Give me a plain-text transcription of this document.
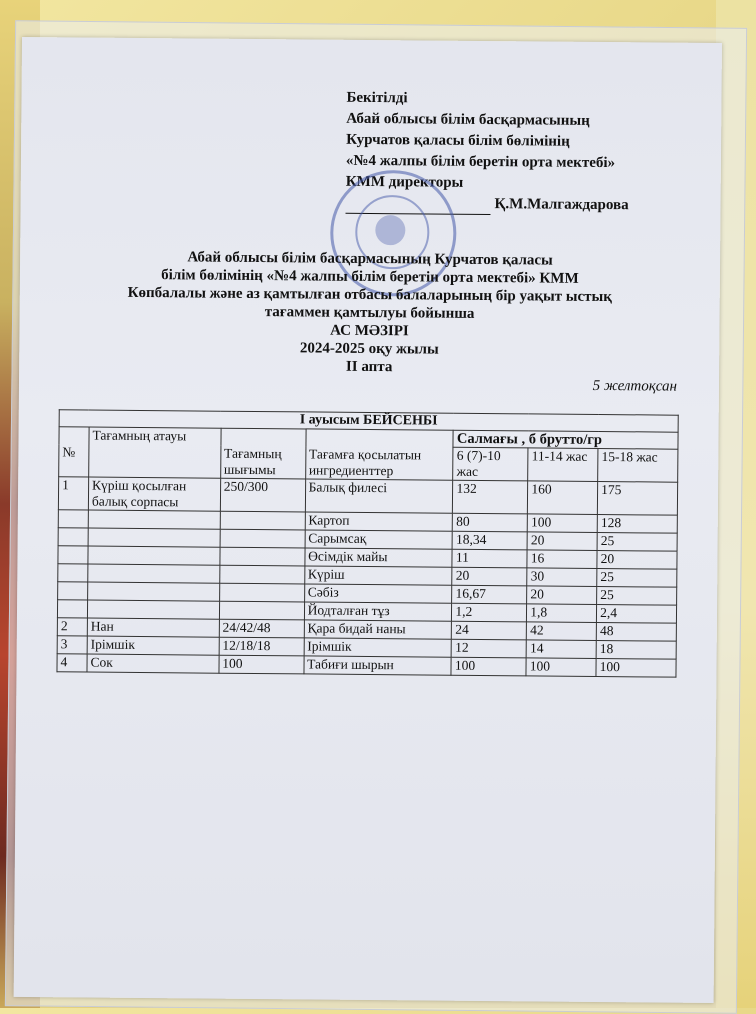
Бекітілді
Абай облысы білім басқармасының
Курчатов қаласы білім бөлімінің
«№4 жалпы білім беретін орта мектебі»
КММ директоры
Қ.М.Малгаждарова
Абай облысы білім басқармасының Курчатов қаласы
білім бөлімінің «№4 жалпы білім беретін орта мектебі» КММ
Көпбалалы және аз қамтылған отбасы балаларының бір уақыт ыстық
тағаммен қамтылуы бойынша
АС МӘЗІРІ
2024-2025 оқу жылы
ІІ апта
5 желтоқсан
І ауысым БЕЙСЕНБІ						
№	Тағамның атауы	Тағамның шығымы	Тағамға қосылатын ингредиенттер	Салмағы , б брутто/гр		
				6 (7)-10 жас	11-14 жас	15-18 жас
1	Күріш қосылған балық сорпасы	250/300	Балық филесі	132	160	175
			Картоп	80	100	128
			Сарымсақ	18,34	20	25
			Өсімдік майы	11	16	20
			Күріш	20	30	25
			Сәбіз	16,67	20	25
			Йодталған тұз	1,2	1,8	2,4
2	Нан	24/42/48	Қара бидай наны	24	42	48
3	Ірімшік	12/18/18	Ірімшік	12	14	18
4	Сок	100	Табиғи шырын	100	100	100
